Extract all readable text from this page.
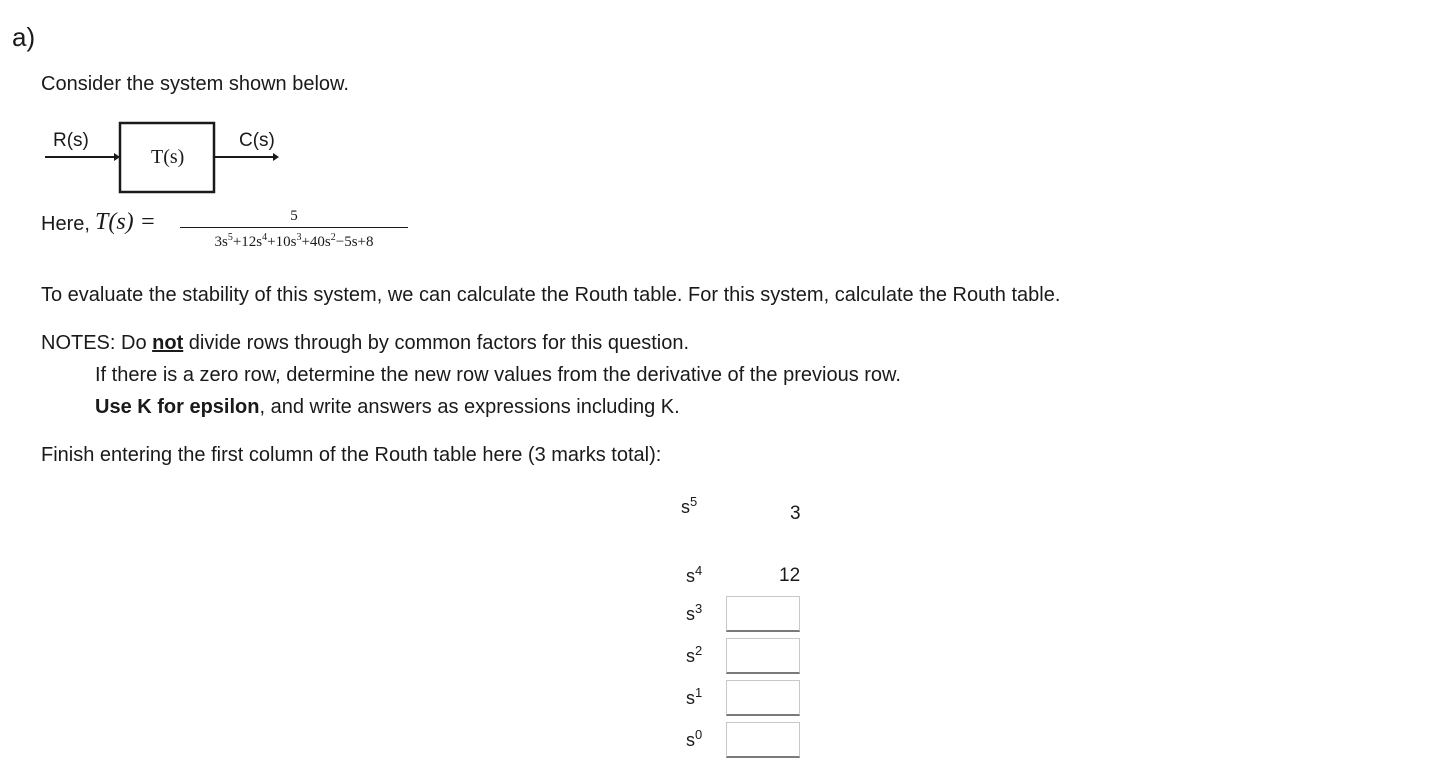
a)
Consider the system shown below.
R(s)
T(s)
C(s)
Here, $T(s) = \frac{5}{3s^5+12s^4+10s^3+40s^2-5s+8}$
To evaluate the stability of this system, we can calculate the Routh table. For this system, calculate the Routh table.
NOTES: Do not divide rows through by common factors for this question.
If there is a zero row, determine the new row values from the derivative of the previous row.
Use K for epsilon, and write answers as expressions including K.
Finish entering the first column of the Routh table here (3 marks total):
$s^5$
3
$s^4$	12
$s^3$
$s^2$
$s^1$
$s^0$
